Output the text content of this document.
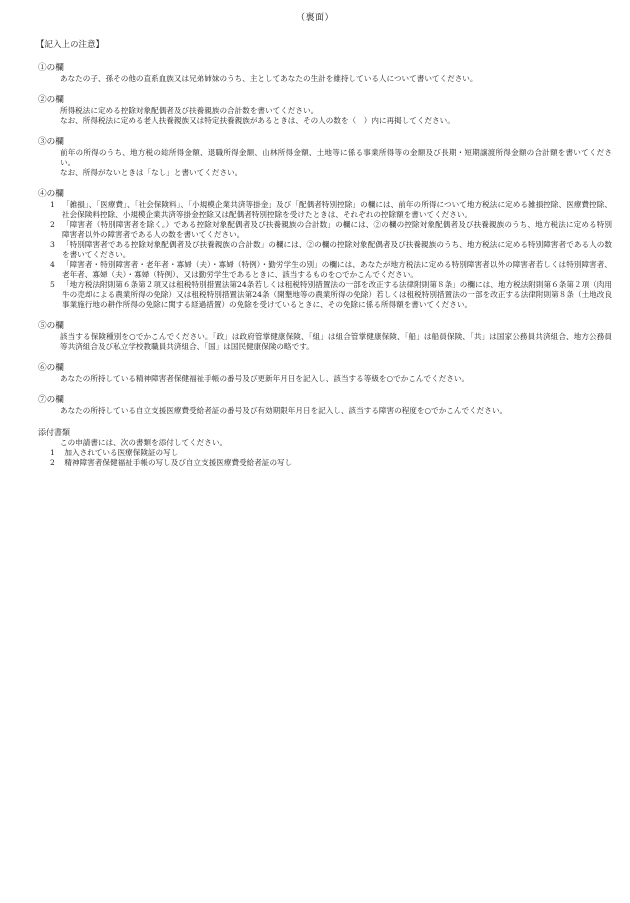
（裏面）
【記入上の注意】
①の欄
あなたの子、孫その他の直系血族又は兄弟姉妹のうち、主としてあなたの生計を維持している人について書いてください。
②の欄
所得税法に定める控除対象配偶者及び扶養親族の合計数を書いてください。
なお、所得税法に定める老人扶養親族又は特定扶養親族があるときは、その人の数を（　）内に再掲してください。
③の欄
前年の所得のうち、地方税の総所得金額、退職所得金額、山林所得金額、土地等に係る事業所得等の金額及び長期・短期譲渡所得金額の合計額を書いてください。
なお、所得がないときは「なし」と書いてください。
④の欄
1 「雑損」、「医療費」、「社会保険料」、「小規模企業共済等掛金」及び「配偶者特別控除」の欄には、前年の所得について地方税法に定める雑損控除、医療費控除、社会保険料控除、小規模企業共済等掛金控除又は配偶者特別控除を受けたときは、それぞれの控除額を書いてください。
2 「障害者（特別障害者を除く。）である控除対象配偶者及び扶養親族の合計数」の欄には、②の欄の控除対象配偶者及び扶養親族のうち、地方税法に定める特別障害者以外の障害者である人の数を書いてください。
3 「特別障害者である控除対象配偶者及び扶養親族の合計数」の欄には、②の欄の控除対象配偶者及び扶養親族のうち、地方税法に定める特別障害者である人の数を書いてください。
4 「障害者・特別障害者・老年者・寡婦（夫）・寡婦（特例）・勤労学生の別」の欄には、あなたが地方税法に定める特別障害者以外の障害者若しくは特別障害者、老年者、寡婦（夫）・寡婦（特例）、又は勤労学生であるときに、該当するものを○でかこんでください。
5 「地方税法附則第６条第２項又は租税特別措置法第24条若しくは租税特別措置法の一部を改正する法律附則第８条」の欄には、地方税法附則第６条第２項（肉用牛の売却による農業所得の免除）又は租税特別措置法第24条（開墾地等の農業所得の免除）若しくは租税特別措置法の一部を改正する法律附則第８条（土地改良事業施行地の耕作所得の免除に関する経過措置）の免除を受けているときに、その免除に係る所得額を書いてください。
⑤の欄
該当する保険種別を○でかこんでください。「政」は政府管掌健康保険、「組」は組合管掌健康保険、「船」は船員保険、「共」は国家公務員共済組合、地方公務員等共済組合及び私立学校教職員共済組合、「国」は国民健康保険の略です。
⑥の欄
あなたの所持している精神障害者保健福祉手帳の番号及び更新年月日を記入し、該当する等級を○でかこんでください。
⑦の欄
あなたの所持している自立支援医療費受給者証の番号及び有効期限年月日を記入し、該当する障害の程度を○でかこんでください。
添付書類
この申請書には、次の書類を添付してください。
1 加入されている医療保険証の写し
2 精神障害者保健福祉手帳の写し及び自立支援医療費受給者証の写し
